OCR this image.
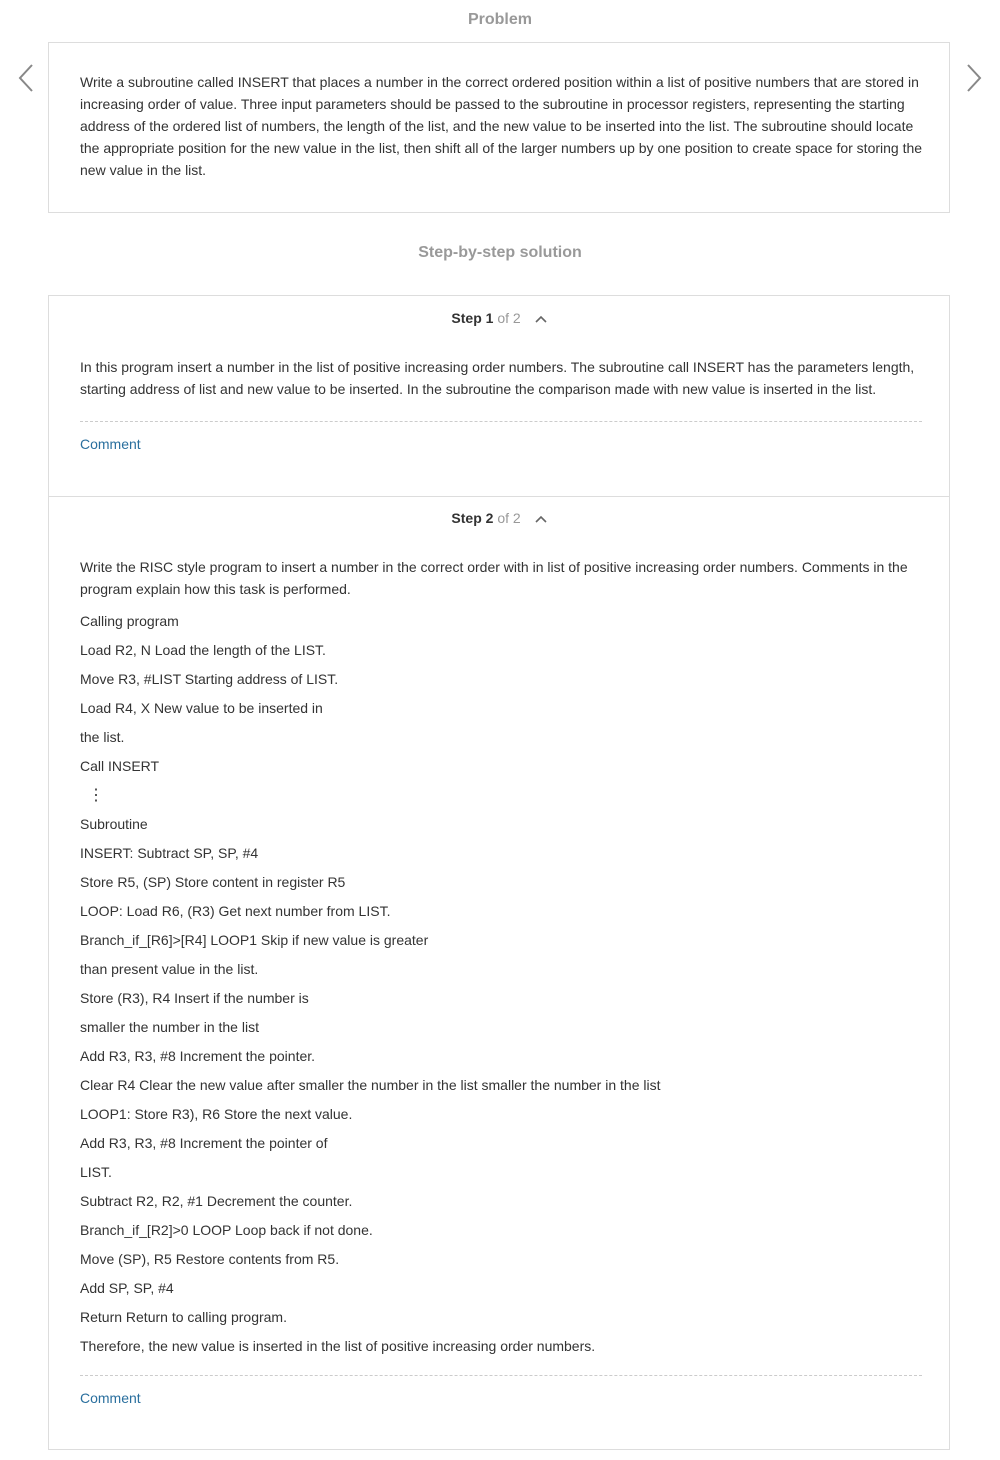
Problem

Write a subroutine called INSERT that places a number in the correct ordered position within a list of positive numbers that are stored in increasing order of value. Three input parameters should be passed to the subroutine in processor registers, representing the starting address of the ordered list of numbers, the length of the list, and the new value to be inserted into the list. The subroutine should locate the appropriate position for the new value in the list, then shift all of the larger numbers up by one position to create space for storing the new value in the list.

Step-by-step solution
Step 1 of 2

In this program insert a number in the list of positive increasing order numbers. The subroutine call INSERT has the parameters length, starting address of list and new value to be inserted. In the subroutine the comparison made with new value is inserted in the list.

Comment
Step 2 of 2

Write the RISC style program to insert a number in the correct order with in list of positive increasing order numbers. Comments in the program explain how this task is performed.

Calling program

Load R2, N Load the length of the LIST.

Move R3, #LIST Starting address of LIST.

Load R4, X New value to be inserted in

the list.

Call INSERT

⋮

Subroutine

INSERT: Subtract SP, SP, #4

Store R5, (SP) Store content in register R5

LOOP: Load R6, (R3) Get next number from LIST.

Branch_if_[R6]>[R4] LOOP1 Skip if new value is greater

than present value in the list.

Store (R3), R4 Insert if the number is

smaller the number in the list

Add R3, R3, #8 Increment the pointer.

Clear R4 Clear the new value after smaller the number in the list smaller the number in the list

LOOP1: Store R3), R6 Store the next value.

Add R3, R3, #8 Increment the pointer of

LIST.

Subtract R2, R2, #1 Decrement the counter.

Branch_if_[R2]>0 LOOP Loop back if not done.

Move (SP), R5 Restore contents from R5.

Add SP, SP, #4

Return Return to calling program.

Therefore, the new value is inserted in the list of positive increasing order numbers.

Comment
